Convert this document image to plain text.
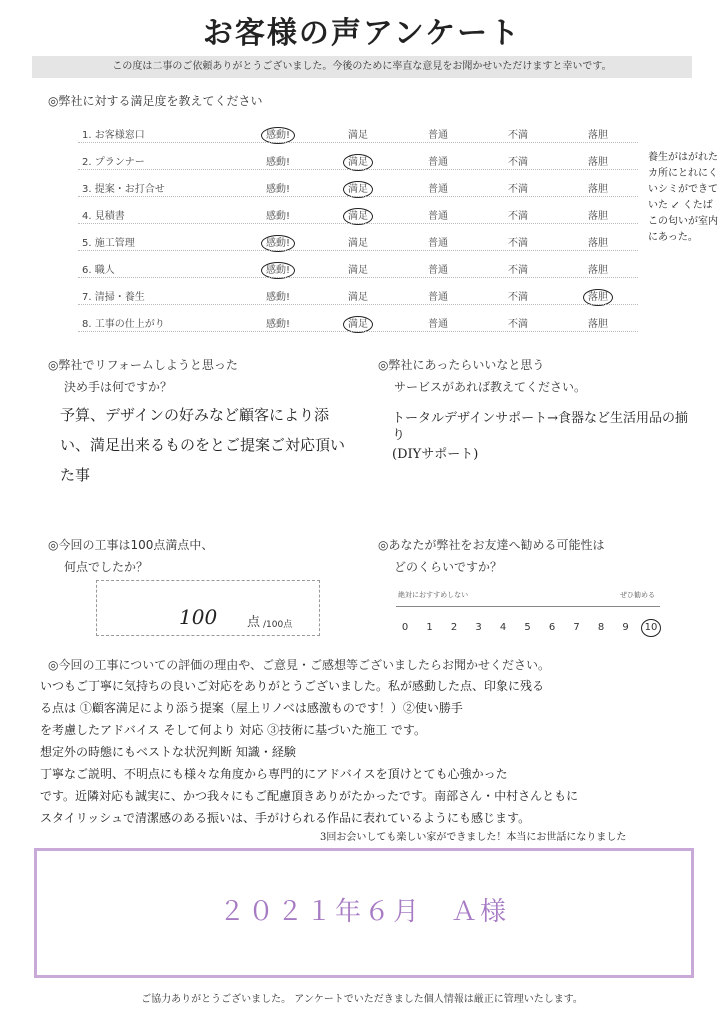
お客様の声アンケート
この度は二事のご依頼ありがとうございました。今後のために率直な意見をお聞かせいただけますと幸いです。
◎弊社に対する満足度を教えてください
1. お客様窓口	感動!	満足	普通	不満	落胆
2. プランナー	感動!	満足	普通	不満	落胆
3. 提案・お打合せ	感動!	満足	普通	不満	落胆
4. 見積書	感動!	満足	普通	不満	落胆
5. 施工管理	感動!	満足	普通	不満	落胆
6. 職人	感動!	満足	普通	不満	落胆
7. 清掃・養生	感動!	満足	普通	不満	落胆
8. 工事の仕上がり	感動!	満足	普通	不満	落胆
養生がはがれたカ所にとれにくいシミができていた ↙ くたばこの匂いが室内にあった。
◎弊社でリフォームしようと思った
決め手は何ですか？
予算、デザインの好みなど顧客により添い、満足出来るものをとご提案ご対応頂いた事
◎弊社にあったらいいなと思う
サービスがあれば教えてください。
トータルデザインサポート→食器など生活用品の揃り
(DIYサポート)
◎今回の工事は100点満点中、
何点でしたか？
100 点 /100点
◎あなたが弊社をお友達へ勧める可能性は
どのくらいですか？
絶対におすすめしない	ぜひ勧める
0	1	2	3	4	5	6	7	8	9	10
◎今回の工事についての評価の理由や、ご意見・ご感想等ございましたらお聞かせください。
いつもご丁寧に気持ちの良いご対応をありがとうございました。私が感動した点、印象に残る
る点は ①顧客満足により添う提案（屋上リノベは感激ものです！）②使い勝手
を考慮したアドバイス そして何より 対応 ③技術に基づいた施工 です。
想定外の時態にもベストな状況判断 知識・経験
丁寧なご説明、不明点にも様々な角度から専門的にアドバイスを頂けとても心強かった
です。近隣対応も誠実に、かつ我々にもご配慮頂きありがたかったです。南部さん・中村さんともに
スタイリッシュで清潔感のある振いは、手がけられる作品に表れているようにも感じます。
3回お会いしても楽しい家ができました！本当にお世話になりました
２０２１年６月　Ａ様
ご協力ありがとうございました。 アンケートでいただきました個人情報は厳正に管理いたします。
